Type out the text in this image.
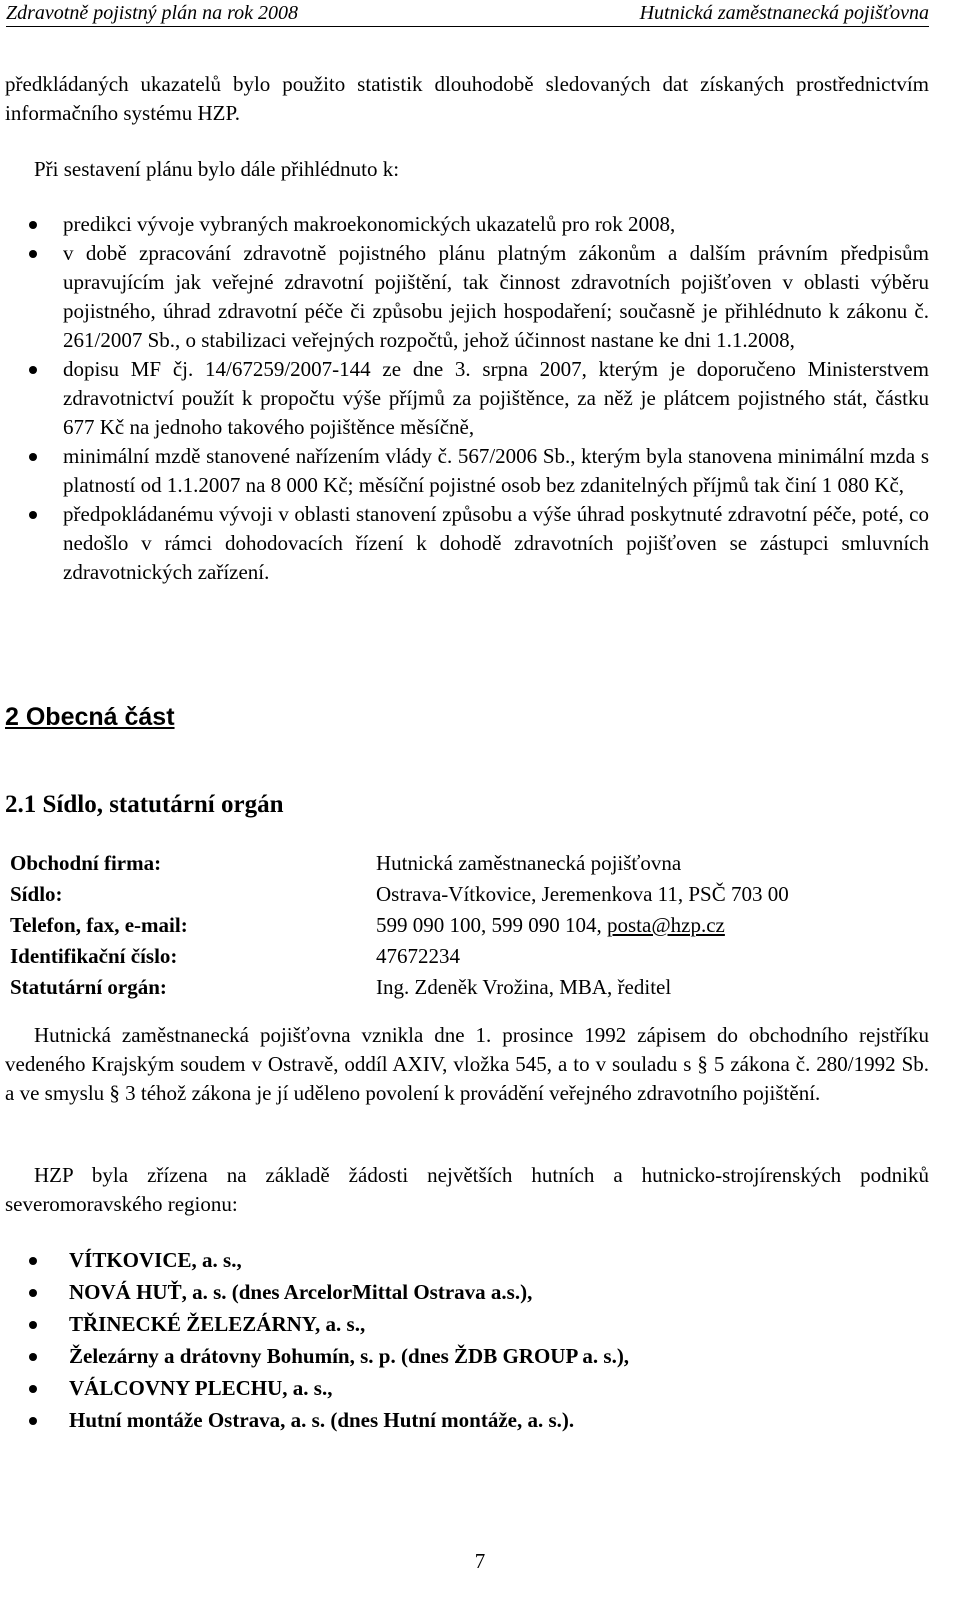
Zdravotně pojistný plán na rok 2008	Hutnická zaměstnanecká pojišťovna

předkládaných ukazatelů bylo použito statistik dlouhodobě sledovaných dat získaných prostřednictvím informačního systému HZP.

Při sestavení plánu bylo dále přihlédnuto k:

predikci vývoje vybraných makroekonomických ukazatelů pro rok 2008,
v době zpracování zdravotně pojistného plánu platným zákonům a dalším právním předpisům upravujícím jak veřejné zdravotní pojištění, tak činnost zdravotních pojišťoven v oblasti výběru pojistného, úhrad zdravotní péče či způsobu jejich hospodaření; současně je přihlédnuto k zákonu č. 261/2007 Sb., o stabilizaci veřejných rozpočtů, jehož účinnost nastane ke dni 1.1.2008,
dopisu MF čj. 14/67259/2007-144 ze dne 3. srpna 2007, kterým je doporučeno Ministerstvem zdravotnictví použít k propočtu výše příjmů za pojištěnce, za něž je plátcem pojistného stát, částku 677 Kč na jednoho takového pojištěnce měsíčně,
minimální mzdě stanovené nařízením vlády č. 567/2006 Sb., kterým byla stanovena minimální mzda s platností od 1.1.2007 na 8 000 Kč; měsíční pojistné osob bez zdanitelných příjmů tak činí 1 080 Kč,
předpokládanému vývoji v oblasti stanovení způsobu a výše úhrad poskytnuté zdravotní péče, poté, co nedošlo v rámci dohodovacích řízení k dohodě zdravotních pojišťoven se zástupci smluvních zdravotnických zařízení.
2 Obecná část
2.1 Sídlo, statutární orgán
Obchodní firma:	Hutnická zaměstnanecká pojišťovna
Sídlo:	Ostrava-Vítkovice, Jeremenkova 11, PSČ 703 00
Telefon, fax, e-mail:	599 090 100, 599 090 104, posta@hzp.cz
Identifikační číslo:	47672234
Statutární orgán:	Ing. Zdeněk Vrožina, MBA, ředitel

Hutnická zaměstnanecká pojišťovna vznikla dne 1. prosince 1992 zápisem do obchodního rejstříku vedeného Krajským soudem v Ostravě, oddíl AXIV, vložka 545, a to v souladu s § 5 zákona č. 280/1992 Sb. a ve smyslu § 3 téhož zákona je jí uděleno povolení k provádění veřejného zdravotního pojištění.

HZP byla zřízena na základě žádosti největších hutních a hutnicko-strojírenských podniků severomoravského regionu:

VÍTKOVICE, a. s.,
NOVÁ HUŤ, a. s. (dnes ArcelorMittal Ostrava a.s.),
TŘINECKÉ ŽELEZÁRNY, a. s.,
Železárny a drátovny Bohumín, s. p. (dnes ŽDB GROUP a. s.),
VÁLCOVNY PLECHU, a. s.,
Hutní montáže Ostrava, a. s. (dnes Hutní montáže, a. s.).
7
